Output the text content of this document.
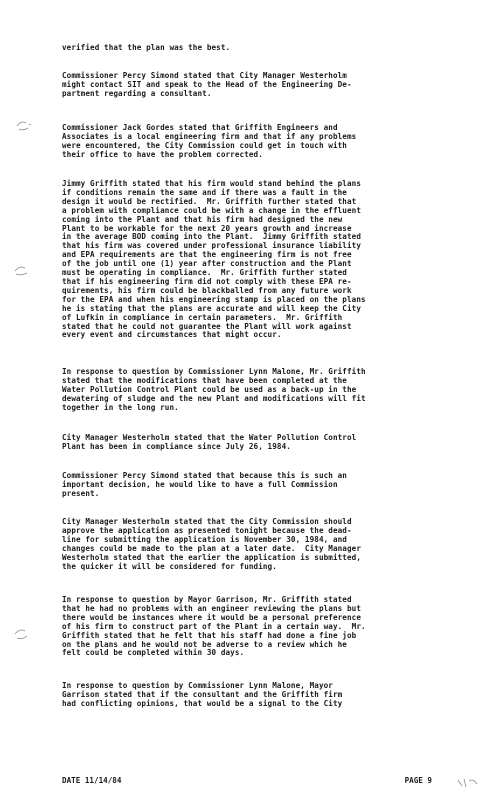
verified that the plan was the best.
Commissioner Percy Simond stated that City Manager Westerholm
might contact SIT and speak to the Head of the Engineering De-
partment regarding a consultant.
Commissioner Jack Gordes stated that Griffith Engineers and
Associates is a local engineering firm and that if any problems
were encountered, the City Commission could get in touch with
their office to have the problem corrected.
Jimmy Griffith stated that his firm would stand behind the plans
if conditions remain the same and if there was a fault in the
design it would be rectified.  Mr. Griffith further stated that
a problem with compliance could be with a change in the effluent
coming into the Plant and that his firm had designed the new
Plant to be workable for the next 20 years growth and increase
in the average BOD coming into the Plant.  Jimmy Griffith stated
that his firm was covered under professional insurance liability
and EPA requirements are that the engineering firm is not free
of the job until one (1) year after construction and the Plant
must be operating in compliance.  Mr. Griffith further stated
that if his engineering firm did not comply with these EPA re-
quirements, his firm could be blackballed from any future work
for the EPA and when his engineering stamp is placed on the plans
he is stating that the plans are accurate and will keep the City
of Lufkin in compliance in certain parameters.  Mr. Griffith
stated that he could not guarantee the Plant will work against
every event and circumstances that might occur.
In response to question by Commissioner Lynn Malone, Mr. Griffith
stated that the modifications that have been completed at the
Water Pollution Control Plant could be used as a back-up in the
dewatering of sludge and the new Plant and modifications will fit
together in the long run.
City Manager Westerholm stated that the Water Pollution Control
Plant has been in compliance since July 26, 1984.
Commissioner Percy Simond stated that because this is such an
important decision, he would like to have a full Commission
present.
City Manager Westerholm stated that the City Commission should
approve the application as presented tonight because the dead-
line for submitting the application is November 30, 1984, and
changes could be made to the plan at a later date.  City Manager
Westerholm stated that the earlier the application is submitted,
the quicker it will be considered for funding.
In response to question by Mayor Garrison, Mr. Griffith stated
that he had no problems with an engineer reviewing the plans but
there would be instances where it would be a personal preference
of his firm to construct part of the Plant in a certain way.  Mr.
Griffith stated that he felt that his staff had done a fine job
on the plans and he would not be adverse to a review which he
felt could be completed within 30 days.
In response to question by Commissioner Lynn Malone, Mayor
Garrison stated that if the consultant and the Griffith firm
had conflicting opinions, that would be a signal to the City
DATE 11/14/84	PAGE 9
